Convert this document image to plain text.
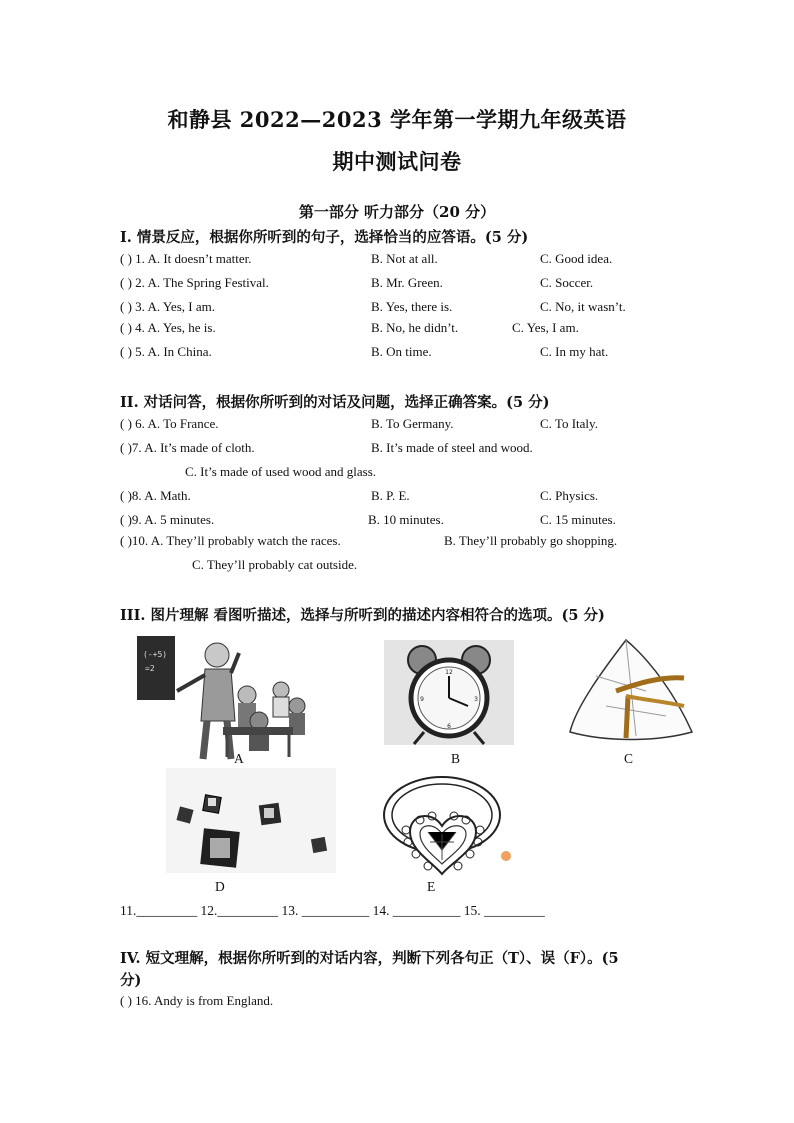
和静县 2022—2023 学年第一学期九年级英语
期中测试问卷
第一部分 听力部分（20 分）
I. 情景反应，根据你所听到的句子，选择恰当的应答语。(5 分)
( ) 1. A. It doesn’t matter.	B. Not at all.	C. Good idea.
( ) 2. A. The Spring Festival.	B. Mr. Green.	C. Soccer.
( ) 3. A. Yes, I am.	B. Yes, there is.	C. No, it wasn’t.
( ) 4. A. Yes, he is.	B. No, he didn’t.	C. Yes, I am.
( ) 5. A. In China.	B. On time.	C. In my hat.
II. 对话问答，根据你所听到的对话及问题，选择正确答案。(5 分)
( ) 6. A. To France.	B. To Germany.	C. To Italy.
( )7. A. It’s made of cloth.	B. It’s made of steel and wood.
C. It’s made of used wood and glass.
( )8. A. Math.	B. P. E.	C. Physics.
( )9. A. 5 minutes.	B. 10 minutes.	C. 15 minutes.
( )10. A. They’ll probably watch the races.	B. They’ll probably go shopping.
C. They’ll probably cat outside.
III. 图片理解 看图听描述，选择与所听到的描述内容相符合的选项。(5 分)
(-+5)
=2
A
12
3
6
9
B	C
D	E
11._________ 12._________ 13. __________ 14. __________ 15. _________
IV. 短文理解，根据你所听到的对话内容，判断下列各句正（T）、误（F）。(5
分)
( ) 16. Andy is from England.
